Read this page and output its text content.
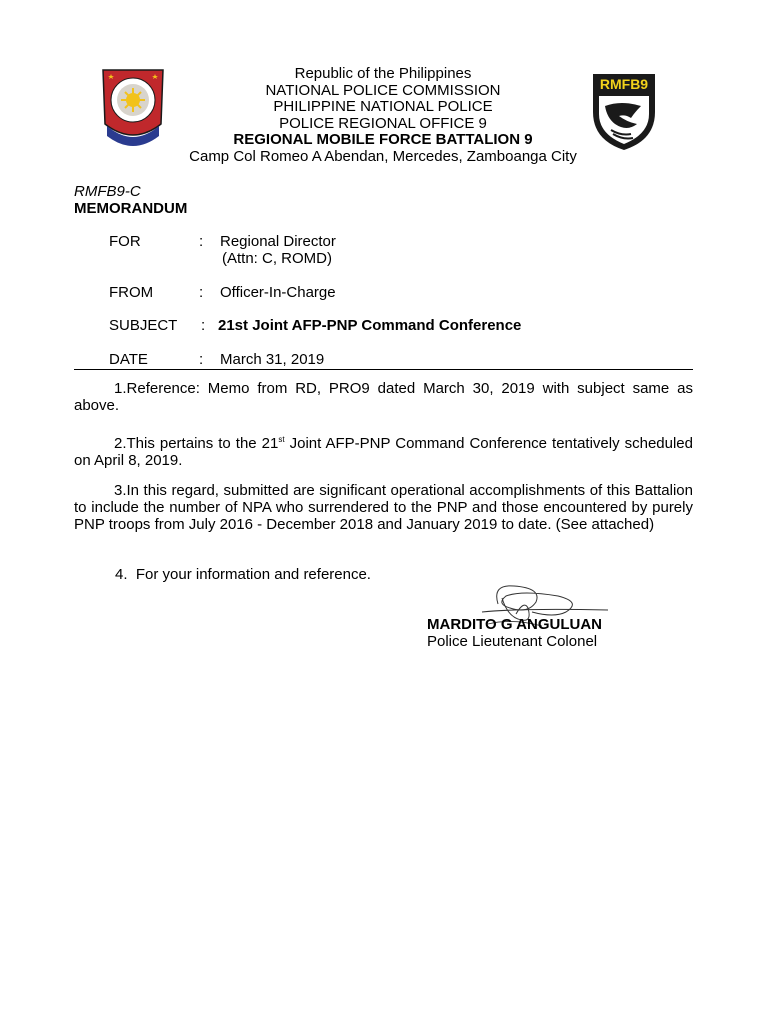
Republic of the Philippines
NATIONAL POLICE COMMISSION
PHILIPPINE NATIONAL POLICE
POLICE REGIONAL OFFICE 9
REGIONAL MOBILE FORCE BATTALION 9
Camp Col Romeo A Abendan, Mercedes, Zamboanga City
RMFB9
RMFB9-C
MEMORANDUM
FOR	: Regional Director
(Attn: C, ROMD)
FROM	: Officer-In-Charge
SUBJECT : 21st Joint AFP-PNP Command Conference
DATE	: March 31, 2019
1.Reference: Memo from RD, PRO9 dated March 30, 2019 with subject same as above.
2.This pertains to the 21st Joint AFP-PNP Command Conference tentatively scheduled on April 8, 2019.
3.In this regard, submitted are significant operational accomplishments of this Battalion to include the number of NPA who surrendered to the PNP and those encountered by purely PNP troops from July 2016 - December 2018 and January 2019 to date. (See attached)
4. For your information and reference.
MARDITO G ANGULUAN
Police Lieutenant Colonel
